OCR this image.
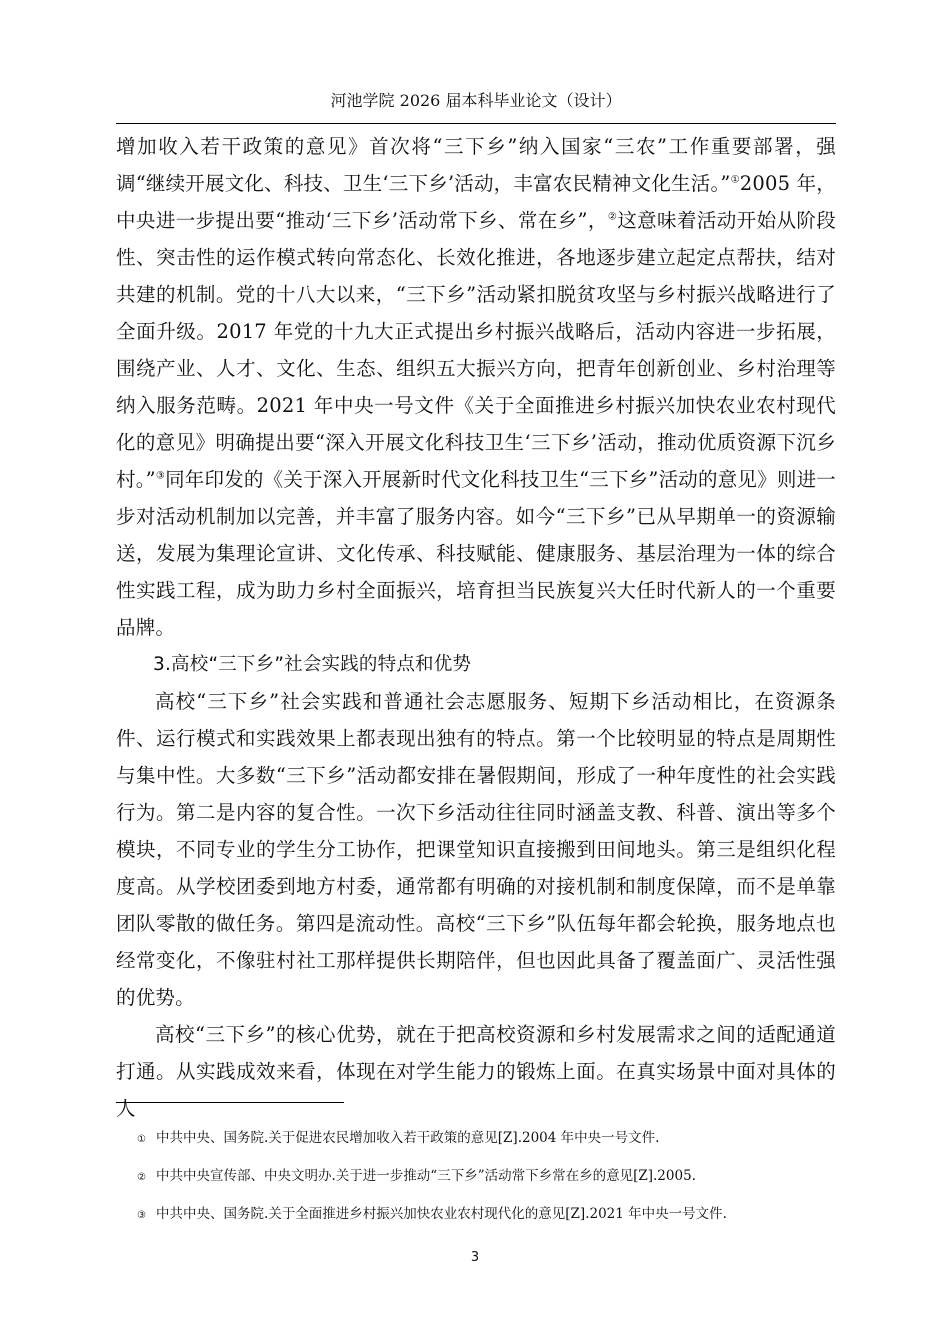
河池学院 2026 届本科毕业论文（设计）

增加收入若干政策的意见》首次将“三下乡”纳入国家“三农”工作重要部署，强调“继续开展文化、科技、卫生‘三下乡’活动，丰富农民精神文化生活。”①2005 年，中央进一步提出要“推动‘三下乡’活动常下乡、常在乡”，②这意味着活动开始从阶段性、突击性的运作模式转向常态化、长效化推进，各地逐步建立起定点帮扶，结对共建的机制。党的十八大以来，“三下乡”活动紧扣脱贫攻坚与乡村振兴战略进行了全面升级。2017 年党的十九大正式提出乡村振兴战略后，活动内容进一步拓展，围绕产业、人才、文化、生态、组织五大振兴方向，把青年创新创业、乡村治理等纳入服务范畴。2021 年中央一号文件《关于全面推进乡村振兴加快农业农村现代化的意见》明确提出要“深入开展文化科技卫生‘三下乡’活动，推动优质资源下沉乡村。”③同年印发的《关于深入开展新时代文化科技卫生“三下乡”活动的意见》则进一步对活动机制加以完善，并丰富了服务内容。如今“三下乡”已从早期单一的资源输送，发展为集理论宣讲、文化传承、科技赋能、健康服务、基层治理为一体的综合性实践工程，成为助力乡村全面振兴，培育担当民族复兴大任时代新人的一个重要品牌。

3.高校“三下乡”社会实践的特点和优势

高校“三下乡”社会实践和普通社会志愿服务、短期下乡活动相比，在资源条件、运行模式和实践效果上都表现出独有的特点。第一个比较明显的特点是周期性与集中性。大多数“三下乡”活动都安排在暑假期间，形成了一种年度性的社会实践行为。第二是内容的复合性。一次下乡活动往往同时涵盖支教、科普、演出等多个模块，不同专业的学生分工协作，把课堂知识直接搬到田间地头。第三是组织化程度高。从学校团委到地方村委，通常都有明确的对接机制和制度保障，而不是单靠团队零散的做任务。第四是流动性。高校“三下乡”队伍每年都会轮换，服务地点也经常变化，不像驻村社工那样提供长期陪伴，但也因此具备了覆盖面广、灵活性强的优势。

高校“三下乡”的核心优势，就在于把高校资源和乡村发展需求之间的适配通道打通。从实践成效来看，体现在对学生能力的锻炼上面。在真实场景中面对具体的人

① 中共中央、国务院.关于促进农民增加收入若干政策的意见[Z].2004 年中央一号文件.

② 中共中央宣传部、中央文明办.关于进一步推动“三下乡”活动常下乡常在乡的意见[Z].2005.

③ 中共中央、国务院.关于全面推进乡村振兴加快农业农村现代化的意见[Z].2021 年中央一号文件.

3
